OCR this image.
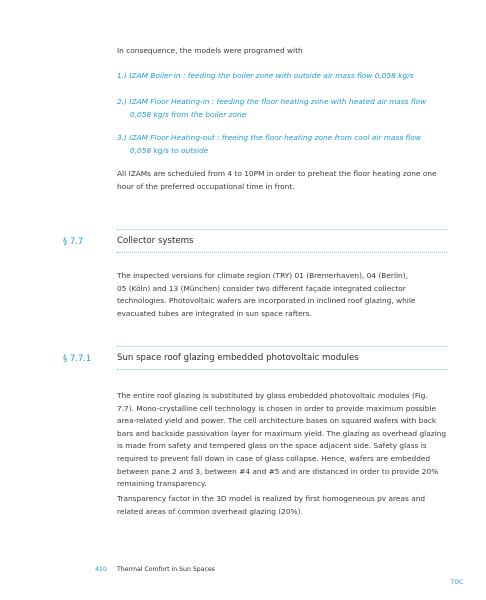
In consequence, the models were programed with

1.) IZAM Boiler-in : feeding the boiler zone with outside air mass flow 0,058 kg/s
2.) IZAM Floor Heating-in : feeding the floor heating zone with heated air mass flow
0,058 kg/s from the boiler zone
3.) IZAM Floor Heating-out : freeing the floor heating zone from cool air mass flow
0,058 kg/s to outside
All IZAMs are scheduled from 4 to 10PM in order to preheat the floor heating zone one
hour of the preferred occupational time in front.
§ 7.7	Collector systems
The inspected versions for climate region (TRY) 01 (Bremerhaven), 04 (Berlin),
05 (Köln) and 13 (München) consider two different façade integrated collector
technologies. Photovoltaic wafers are incorporated in inclined roof glazing, while
evacuated tubes are integrated in sun space rafters.
§ 7.7.1	Sun space roof glazing embedded photovoltaic modules
The entire roof glazing is substituted by glass embedded photovoltaic modules (Fig.
7.7). Mono-crystalline cell technology is chosen in order to provide maximum possible
area-related yield and power. The cell architecture bases on squared wafers with back
bars and backside passivation layer for maximum yield. The glazing as overhead glazing
is made from safety and tempered glass on the space adjacent side. Safety glass is
required to prevent fall down in case of glass collapse. Hence, wafers are embedded
between pane 2 and 3, between #4 and #5 and are distanced in order to provide 20%
remaining transparency.
Transparency factor in the 3D model is realized by first homogeneous pv areas and
related areas of common overhead glazing (20%).
410 Thermal Comfort in Sun Spaces
TOC
